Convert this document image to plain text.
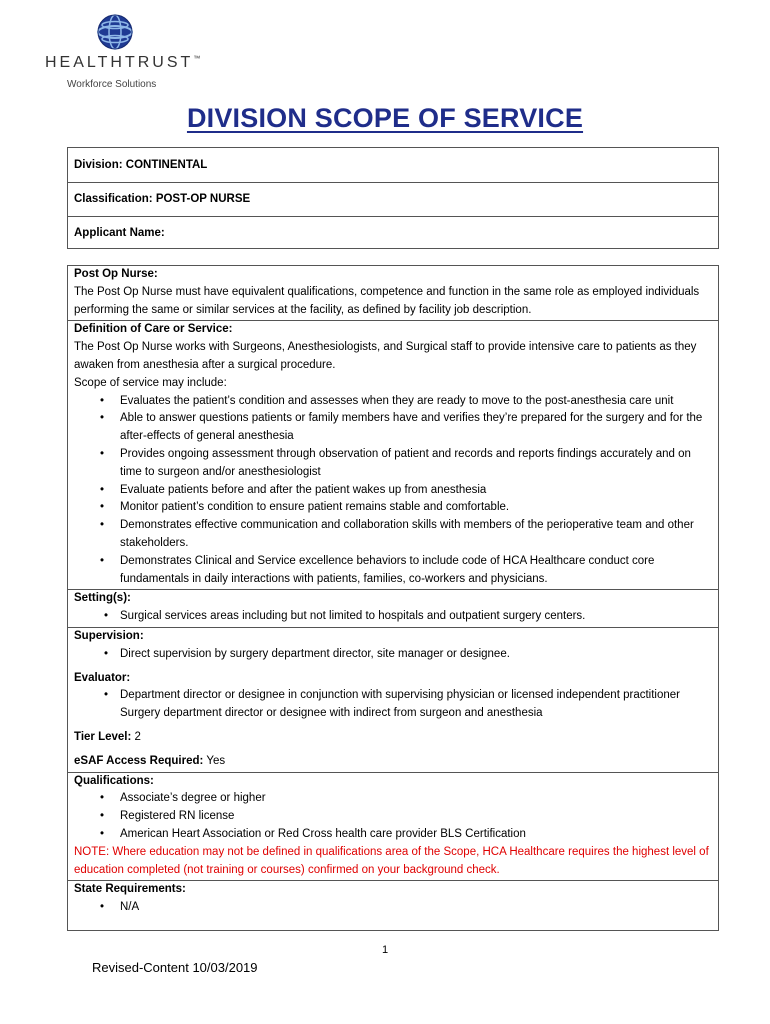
HEALTHTRUST™
Workforce Solutions
DIVISION SCOPE OF SERVICE
Division: CONTINENTAL
Classification: POST-OP NURSE
Applicant Name:
Post Op Nurse:
The Post Op Nurse must have equivalent qualifications, competence and function in the same role as employed individuals performing the same or similar services at the facility, as defined by facility job description.
Definition of Care or Service:
The Post Op Nurse works with Surgeons, Anesthesiologists, and Surgical staff to provide intensive care to patients as they awaken from anesthesia after a surgical procedure.
Scope of service may include:
• Evaluates the patient’s condition and assesses when they are ready to move to the post-anesthesia care unit
• Able to answer questions patients or family members have and verifies they’re prepared for the surgery and for the after-effects of general anesthesia
• Provides ongoing assessment through observation of patient and records and reports findings accurately and on time to surgeon and/or anesthesiologist
• Evaluate patients before and after the patient wakes up from anesthesia
• Monitor patient’s condition to ensure patient remains stable and comfortable.
• Demonstrates effective communication and collaboration skills with members of the perioperative team and other stakeholders.
• Demonstrates Clinical and Service excellence behaviors to include code of HCA Healthcare conduct core fundamentals in daily interactions with patients, families, co-workers and physicians.
Setting(s):
• Surgical services areas including but not limited to hospitals and outpatient surgery centers.
Supervision:
• Direct supervision by surgery department director, site manager or designee.
Evaluator:
• Department director or designee in conjunction with supervising physician or licensed independent practitioner Surgery department director or designee with indirect from surgeon and anesthesia
Tier Level: 2
eSAF Access Required: Yes
Qualifications:
• Associate’s degree or higher
• Registered RN license
• American Heart Association or Red Cross health care provider BLS Certification
NOTE: Where education may not be defined in qualifications area of the Scope, HCA Healthcare requires the highest level of education completed (not training or courses) confirmed on your background check.
State Requirements:
• N/A
1
Revised-Content 10/03/2019
